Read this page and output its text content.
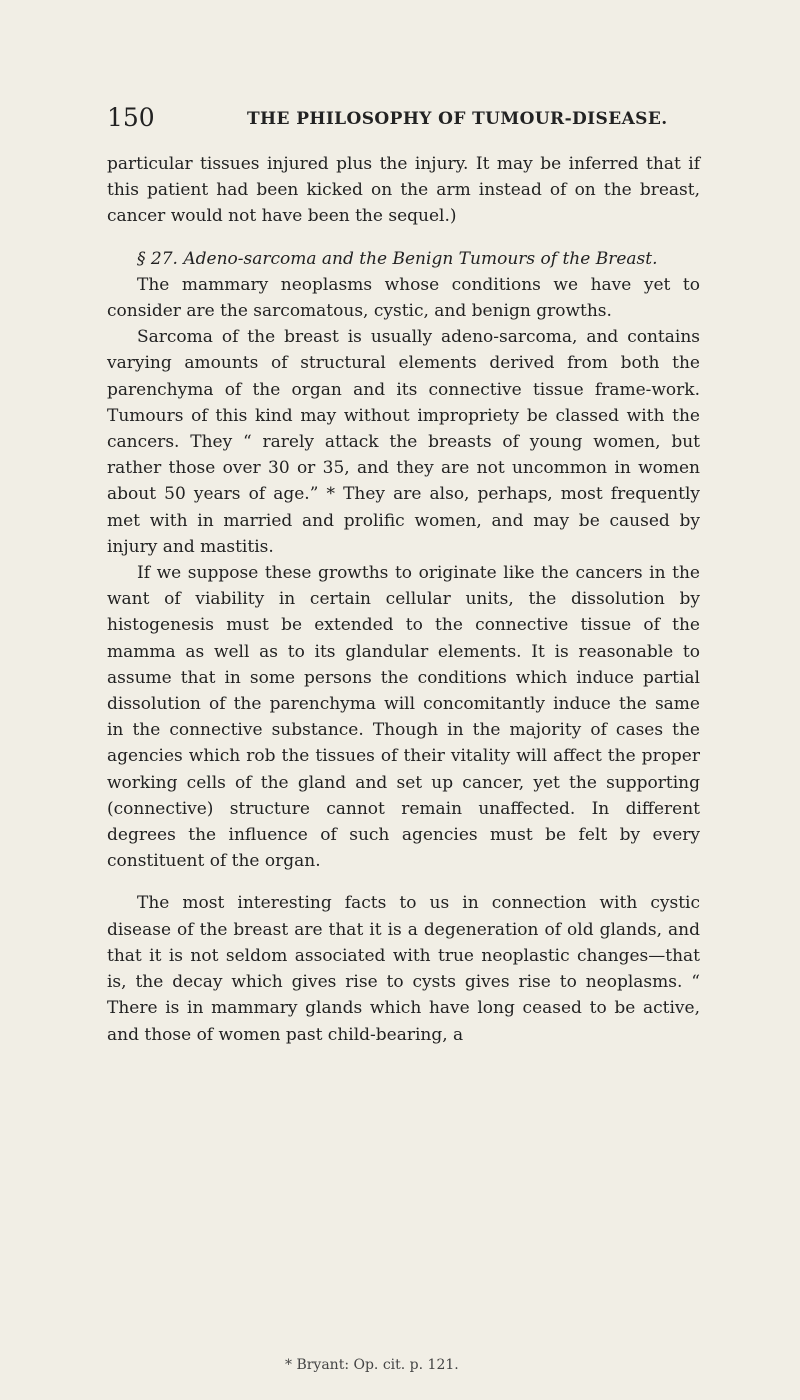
150	THE PHILOSOPHY OF TUMOUR-DISEASE.

particular tissues injured plus the injury. It may be inferred that if this patient had been kicked on the arm instead of on the breast, cancer would not have been the sequel.)

§ 27. Adeno-sarcoma and the Benign Tumours of the Breast.

The mammary neoplasms whose conditions we have yet to consider are the sarcomatous, cystic, and benign growths.

Sarcoma of the breast is usually adeno-sarcoma, and contains varying amounts of structural elements derived from both the parenchyma of the organ and its connective tissue frame-work. Tumours of this kind may without impropriety be classed with the cancers. They “ rarely attack the breasts of young women, but rather those over 30 or 35, and they are not uncommon in women about 50 years of age.” * They are also, perhaps, most frequently met with in married and prolific women, and may be caused by injury and mastitis.

If we suppose these growths to originate like the cancers in the want of viability in certain cellular units, the dissolution by histogenesis must be extended to the connective tissue of the mamma as well as to its glandular elements. It is reasonable to assume that in some persons the conditions which induce partial dissolution of the parenchyma will concomitantly induce the same in the connective substance. Though in the majority of cases the agencies which rob the tissues of their vitality will affect the proper working cells of the gland and set up cancer, yet the supporting (connective) structure cannot remain unaffected. In different degrees the influence of such agencies must be felt by every constituent of the organ.

The most interesting facts to us in connection with cystic disease of the breast are that it is a degeneration of old glands, and that it is not seldom associated with true neoplastic changes—that is, the decay which gives rise to cysts gives rise to neoplasms. “ There is in mammary glands which have long ceased to be active, and those of women past child-bearing, a

* Bryant: Op. cit. p. 121.
